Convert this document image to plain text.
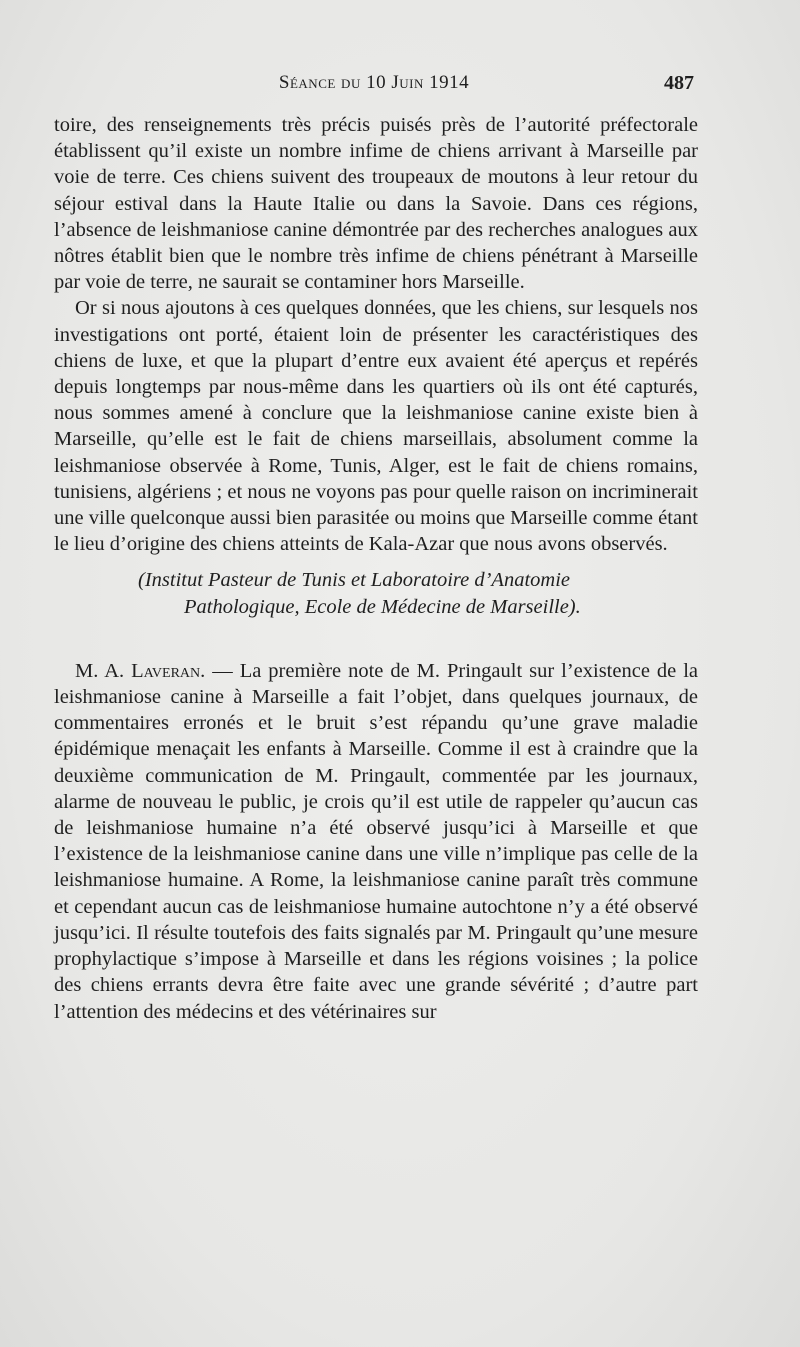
Séance du 10 Juin 1914	487

toire, des renseignements très précis puisés près de l’autorité préfectorale établissent qu’il existe un nombre infime de chiens arrivant à Marseille par voie de terre. Ces chiens suivent des troupeaux de moutons à leur retour du séjour estival dans la Haute Italie ou dans la Savoie. Dans ces régions, l’absence de leishmaniose canine démontrée par des recherches analogues aux nôtres établit bien que le nombre très infime de chiens pénétrant à Marseille par voie de terre, ne saurait se contaminer hors Marseille.

Or si nous ajoutons à ces quelques données, que les chiens, sur lesquels nos investigations ont porté, étaient loin de présenter les caractéristiques des chiens de luxe, et que la plupart d’entre eux avaient été aperçus et repérés depuis longtemps par nous-même dans les quartiers où ils ont été capturés, nous sommes amené à conclure que la leishmaniose canine existe bien à Marseille, qu’elle est le fait de chiens marseillais, absolument comme la leishmaniose observée à Rome, Tunis, Alger, est le fait de chiens romains, tunisiens, algériens ; et nous ne voyons pas pour quelle raison on incriminerait une ville quelconque aussi bien parasitée ou moins que Marseille comme étant le lieu d’origine des chiens atteints de Kala-Azar que nous avons observés.

(Institut Pasteur de Tunis et Laboratoire d’Anatomie
Pathologique, Ecole de Médecine de Marseille).

M. A. Laveran. — La première note de M. Pringault sur l’existence de la leishmaniose canine à Marseille a fait l’objet, dans quelques journaux, de commentaires erronés et le bruit s’est répandu qu’une grave maladie épidémique menaçait les enfants à Marseille. Comme il est à craindre que la deuxième communication de M. Pringault, commentée par les journaux, alarme de nouveau le public, je crois qu’il est utile de rappeler qu’aucun cas de leishmaniose humaine n’a été observé jusqu’ici à Marseille et que l’existence de la leishmaniose canine dans une ville n’implique pas celle de la leishmaniose humaine. A Rome, la leishmaniose canine paraît très commune et cependant aucun cas de leishmaniose humaine autochtone n’y a été observé jusqu’ici. Il résulte toutefois des faits signalés par M. Pringault qu’une mesure prophylactique s’impose à Marseille et dans les régions voisines ; la police des chiens errants devra être faite avec une grande sévérité ; d’autre part l’attention des médecins et des vétérinaires sur
